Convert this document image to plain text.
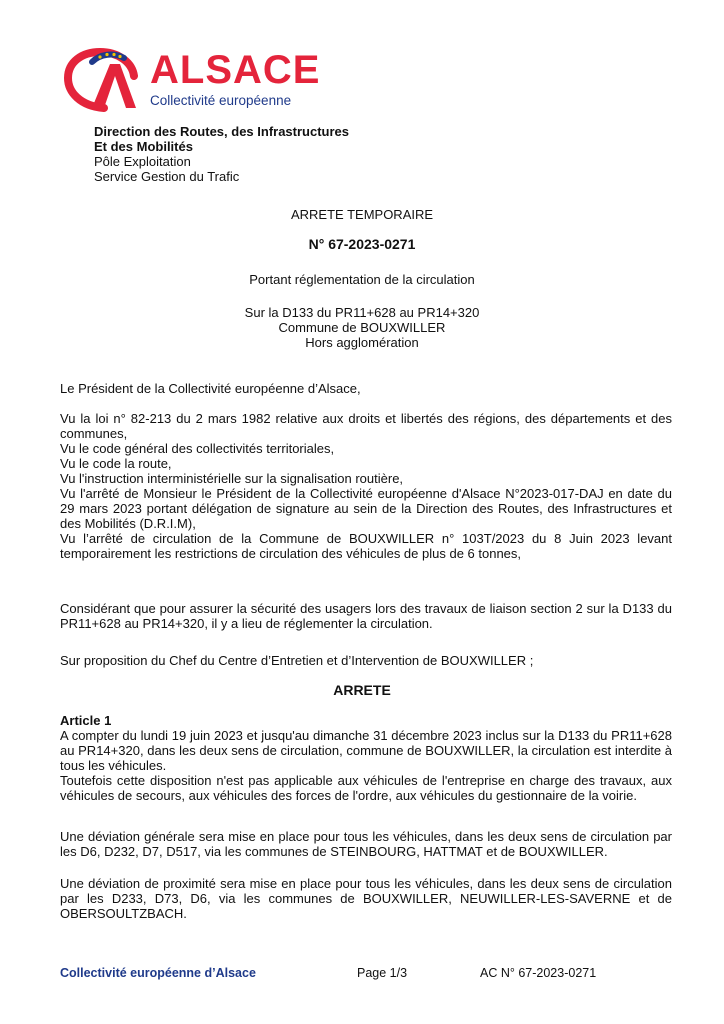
ALSACE
Collectivité européenne
Direction des Routes, des Infrastructures
Et des Mobilités
Pôle Exploitation
Service Gestion du Trafic
ARRETE TEMPORAIRE
N° 67-2023-0271
Portant réglementation de la circulation
Sur la D133 du PR11+628 au PR14+320
Commune de BOUXWILLER
Hors agglomération

Le Président de la Collectivité européenne d’Alsace,

Vu la loi n° 82-213 du 2 mars 1982 relative aux droits et libertés des régions, des départements et des communes,

Vu le code général des collectivités territoriales,

Vu le code la route,

Vu l'instruction interministérielle sur la signalisation routière,

Vu l'arrêté de Monsieur le Président de la Collectivité européenne d'Alsace N°2023-017-DAJ en date du 29 mars 2023 portant délégation de signature au sein de la Direction des Routes, des Infrastructures et des Mobilités (D.R.I.M),

Vu l’arrêté de circulation de la Commune de BOUXWILLER n° 103T/2023 du 8 Juin 2023 levant temporairement les restrictions de circulation des véhicules de plus de 6 tonnes,

Considérant que pour assurer la sécurité des usagers lors des travaux de liaison section 2 sur la D133 du PR11+628 au PR14+320, il y a lieu de réglementer la circulation.

Sur proposition du Chef du Centre d’Entretien et d’Intervention de BOUXWILLER ;

ARRETE

Article 1

A compter du lundi 19 juin 2023 et jusqu'au dimanche 31 décembre 2023 inclus sur la D133 du PR11+628 au PR14+320, dans les deux sens de circulation, commune de BOUXWILLER, la circulation est interdite à tous les véhicules.

Toutefois cette disposition n'est pas applicable aux véhicules de l'entreprise en charge des travaux, aux véhicules de secours, aux véhicules des forces de l'ordre, aux véhicules du gestionnaire de la voirie.

Une déviation générale sera mise en place pour tous les véhicules, dans les deux sens de circulation par les D6, D232, D7, D517, via les communes de STEINBOURG, HATTMAT et de BOUXWILLER.

Une déviation de proximité sera mise en place pour tous les véhicules, dans les deux sens de circulation par les D233, D73, D6, via les communes de BOUXWILLER, NEUWILLER-LES-SAVERNE et de OBERSOULTZBACH.

Collectivité européenne d’Alsace	Page 1/3	AC N° 67-2023-0271
